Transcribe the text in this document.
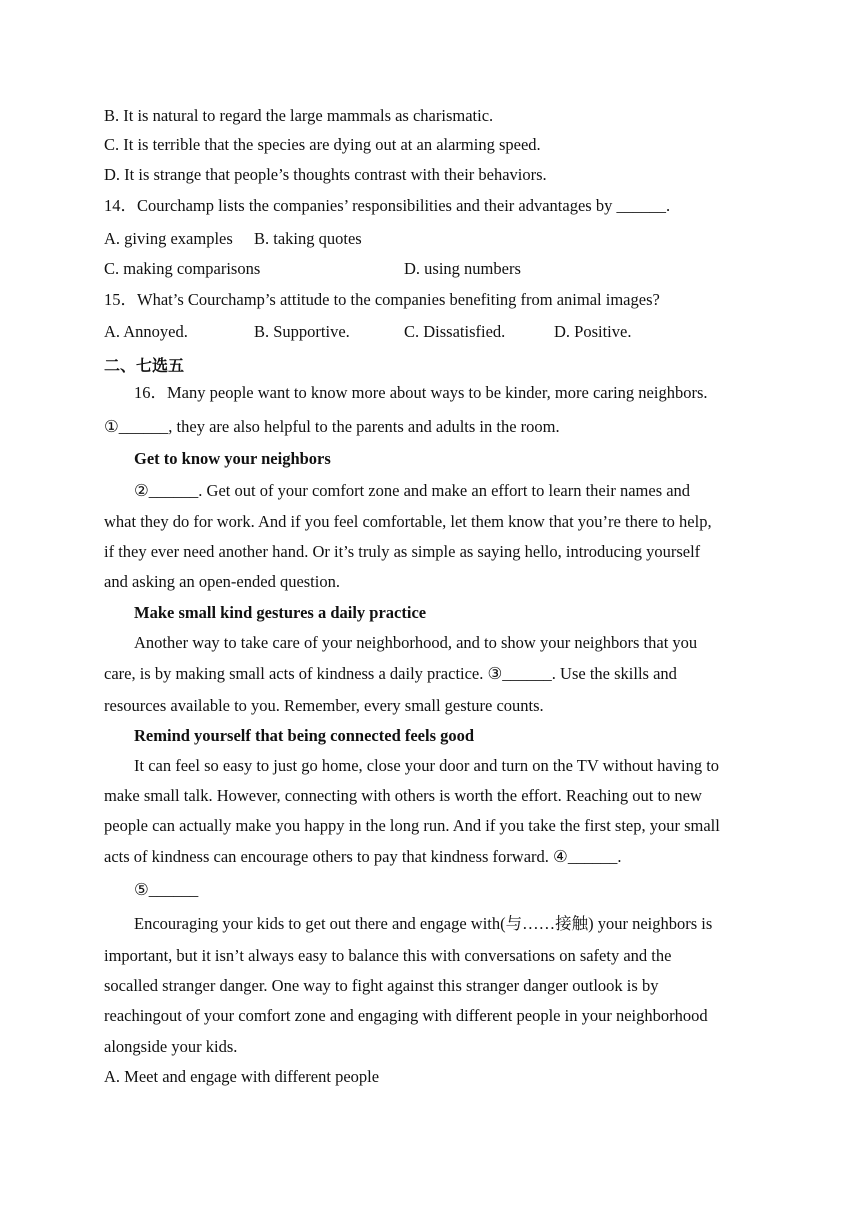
B. It is natural to regard the large mammals as charismatic.
C. It is terrible that the species are dying out at an alarming speed.
D. It is strange that people’s thoughts contrast with their behaviors.
14．Courchamp lists the companies’ responsibilities and their advantages by ______.
A. giving examples B. taking quotes
C. making comparisons	D. using numbers
15．What’s Courchamp’s attitude to the companies benefiting from animal images?
A. Annoyed.	B. Supportive.	C. Dissatisfied.	D. Positive.
二、七选五
16．Many people want to know more about ways to be kinder, more caring neighbors.
①______, they are also helpful to the parents and adults in the room.
Get to know your neighbors
②______. Get out of your comfort zone and make an effort to learn their names and
what they do for work. And if you feel comfortable, let them know that you’re there to help,
if they ever need another hand. Or it’s truly as simple as saying hello, introducing yourself
and asking an open-ended question.
Make small kind gestures a daily practice
Another way to take care of your neighborhood, and to show your neighbors that you
care, is by making small acts of kindness a daily practice. ③______. Use the skills and
resources available to you. Remember, every small gesture counts.
Remind yourself that being connected feels good
It can feel so easy to just go home, close your door and turn on the TV without having to
make small talk. However, connecting with others is worth the effort. Reaching out to new
people can actually make you happy in the long run. And if you take the first step, your small
acts of kindness can encourage others to pay that kindness forward. ④______.
⑤______
Encouraging your kids to get out there and engage with(与……接触) your neighbors is
important, but it isn’t always easy to balance this with conversations on safety and the
socalled stranger danger. One way to fight against this stranger danger outlook is by
reachingout of your comfort zone and engaging with different people in your neighborhood
alongside your kids.
A. Meet and engage with different people
